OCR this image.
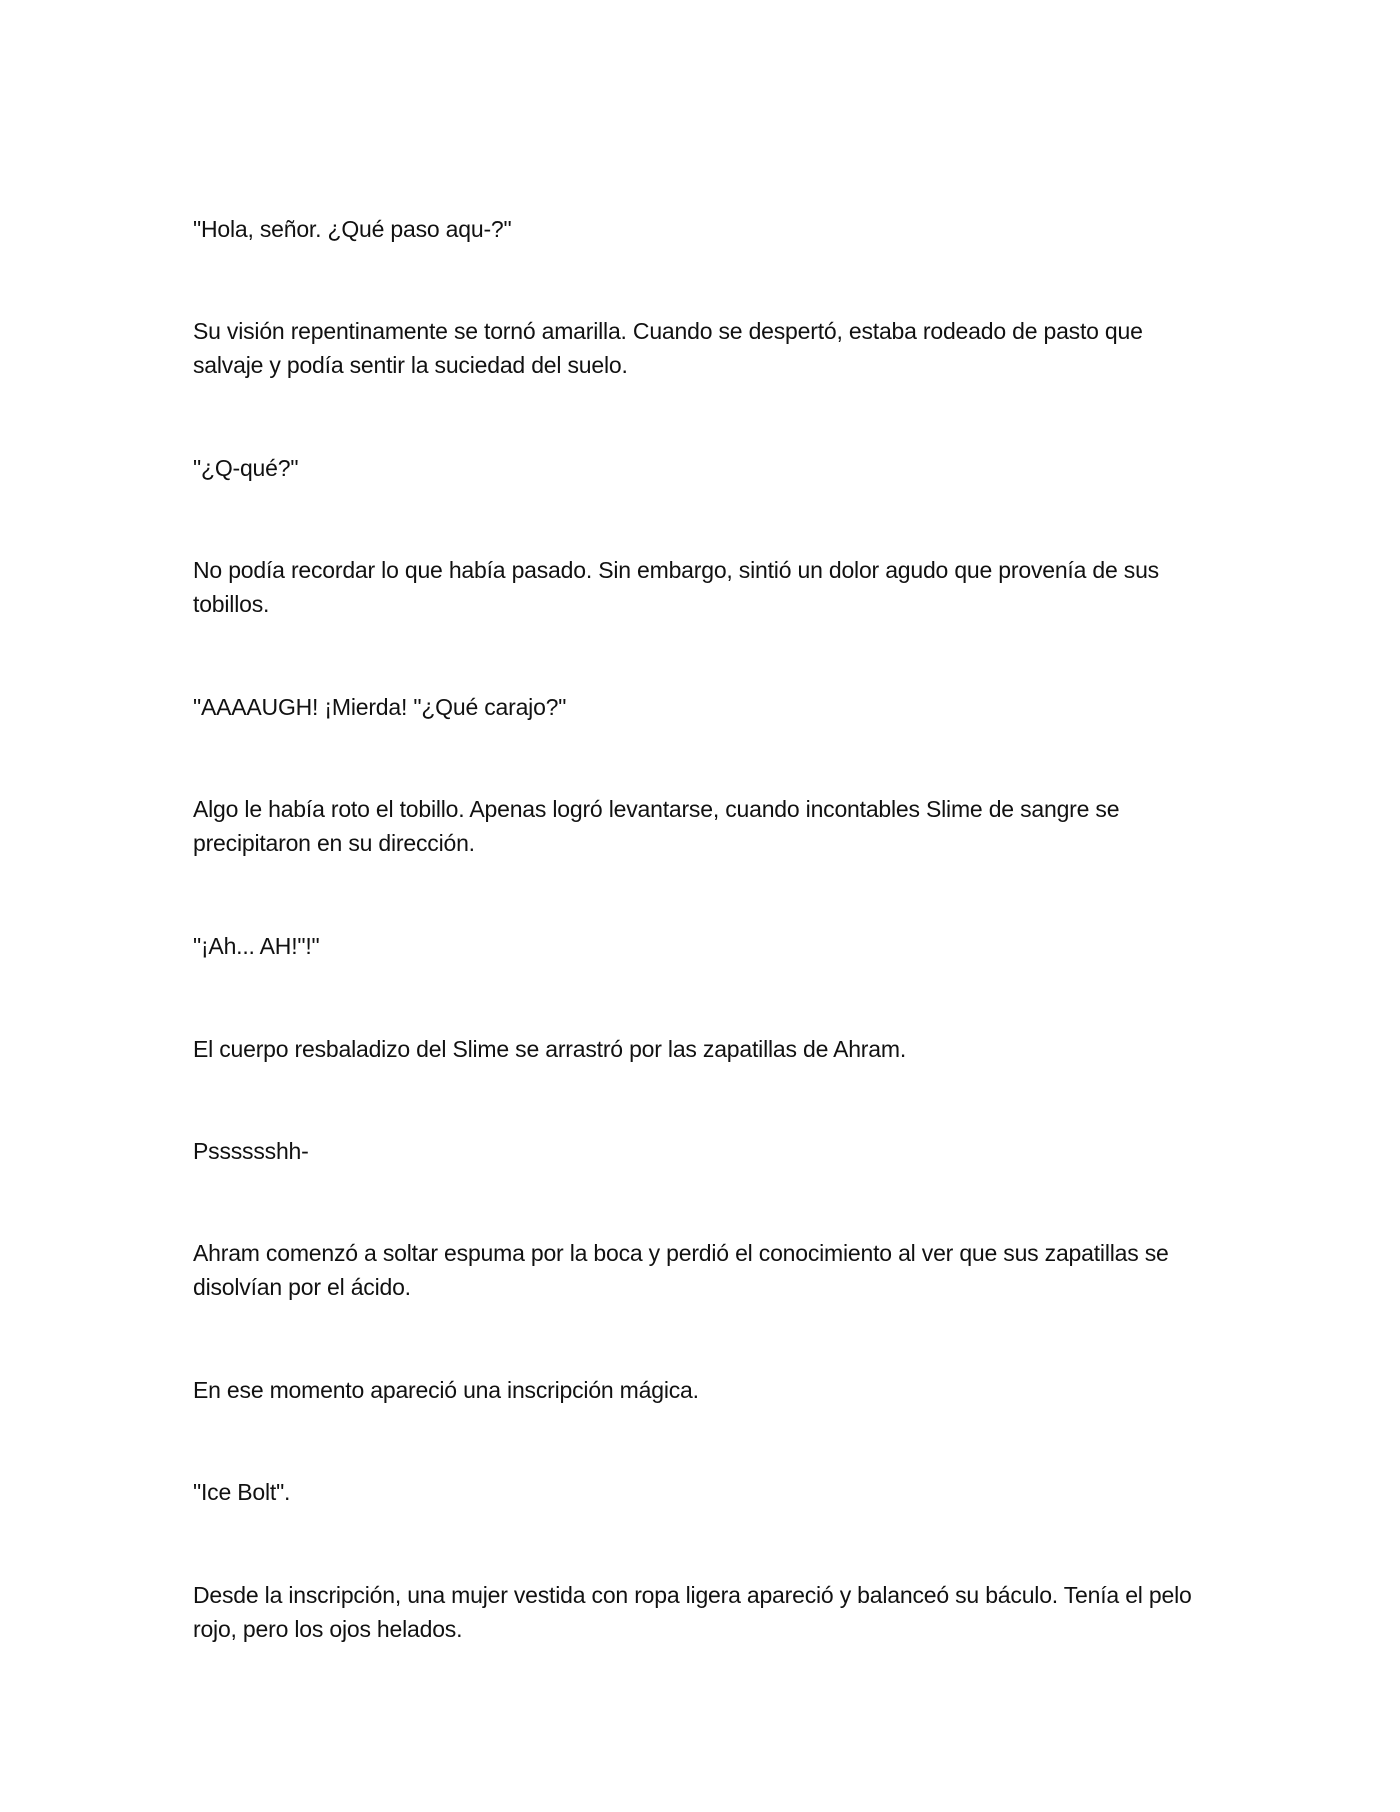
"Hola, señor. ¿Qué paso aqu-?"

Su visión repentinamente se tornó amarilla. Cuando se despertó, estaba rodeado de pasto que salvaje y podía sentir la suciedad del suelo.

"¿Q-qué?"

No podía recordar lo que había pasado. Sin embargo, sintió un dolor agudo que provenía de sus tobillos.

"AAAAUGH! ¡Mierda! "¿Qué carajo?"

Algo le había roto el tobillo. Apenas logró levantarse, cuando incontables Slime de sangre se precipitaron en su dirección.

"¡Ah... AH!"!"

El cuerpo resbaladizo del Slime se arrastró por las zapatillas de Ahram.

Psssssshh-

Ahram comenzó a soltar espuma por la boca y perdió el conocimiento al ver que sus zapatillas se disolvían por el ácido.

En ese momento apareció una inscripción mágica.

"Ice Bolt".

Desde la inscripción, una mujer vestida con ropa ligera apareció y balanceó su báculo. Tenía el pelo rojo, pero los ojos helados.
